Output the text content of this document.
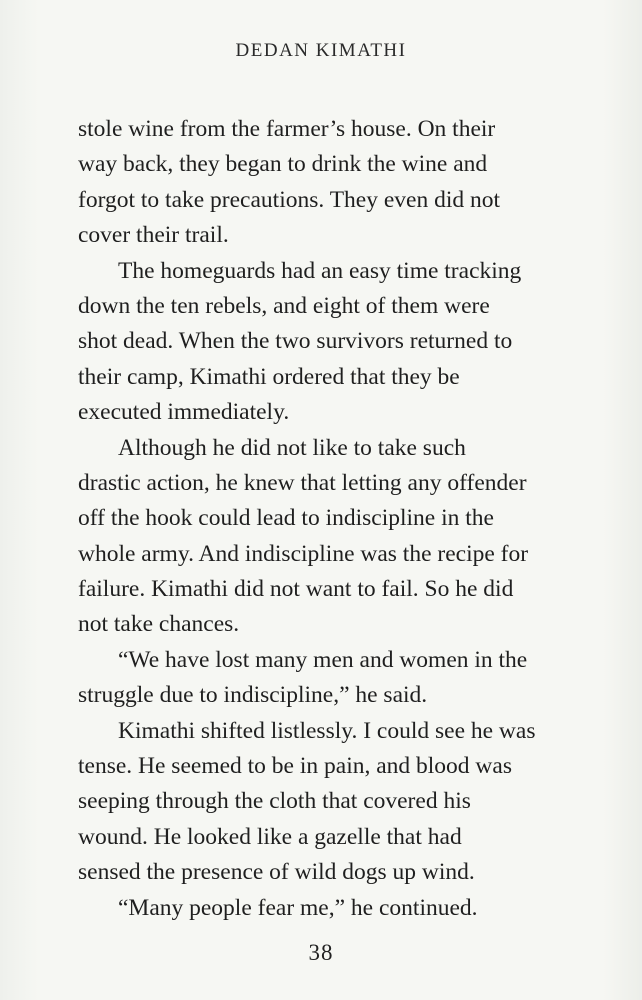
DEDAN KIMATHI
stole wine from the farmer’s house. On their
way back, they began to drink the wine and
forgot to take precautions. They even did not
cover their trail.
The homeguards had an easy time tracking
down the ten rebels, and eight of them were
shot dead. When the two survivors returned to
their camp, Kimathi ordered that they be
executed immediately.
Although he did not like to take such
drastic action, he knew that letting any offender
off the hook could lead to indiscipline in the
whole army. And indiscipline was the recipe for
failure. Kimathi did not want to fail. So he did
not take chances.
“We have lost many men and women in the
struggle due to indiscipline,” he said.
Kimathi shifted listlessly. I could see he was
tense. He seemed to be in pain, and blood was
seeping through the cloth that covered his
wound. He looked like a gazelle that had
sensed the presence of wild dogs up wind.
“Many people fear me,” he continued.
38
